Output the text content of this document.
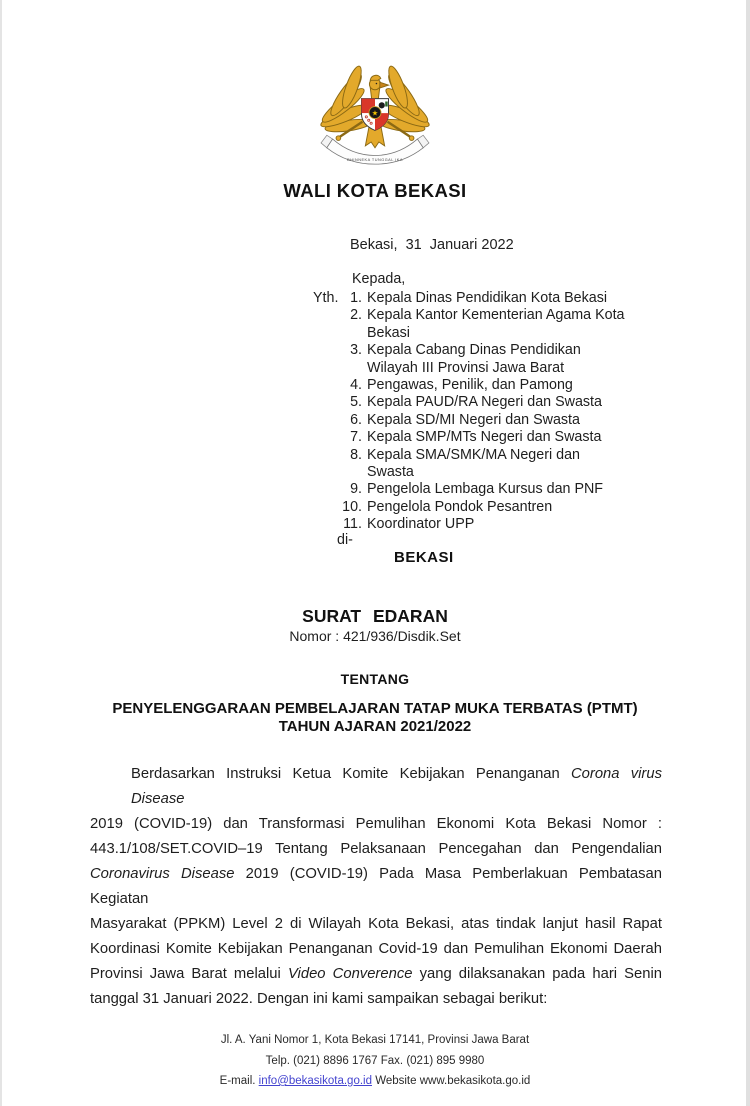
★
BHINNEKA TUNGGAL IKA
WALI KOTA BEKASI
Bekasi,  31  Januari 2022
Kepada,
Yth. 1. Kepala Dinas Pendidikan Kota Bekasi
2. Kepala Kantor Kementerian Agama Kota
Bekasi
3. Kepala Cabang Dinas Pendidikan
Wilayah III Provinsi Jawa Barat
4. Pengawas, Penilik, dan Pamong
5. Kepala PAUD/RA Negeri dan Swasta
6. Kepala SD/MI Negeri dan Swasta
7. Kepala SMP/MTs Negeri dan Swasta
8. Kepala SMA/SMK/MA Negeri dan
Swasta
9. Pengelola Lembaga Kursus dan PNF
10. Pengelola Pondok Pesantren
11. Koordinator UPP
di-
BEKASI
SURAT EDARAN
Nomor : 421/936/Disdik.Set
TENTANG
PENYELENGGARAAN PEMBELAJARAN TATAP MUKA TERBATAS (PTMT)
TAHUN AJARAN 2021/2022
Berdasarkan Instruksi Ketua Komite Kebijakan Penanganan Corona virus Disease
2019 (COVID-19) dan Transformasi Pemulihan Ekonomi Kota Bekasi Nomor :
443.1/108/SET.COVID–19 Tentang Pelaksanaan Pencegahan dan Pengendalian
Coronavirus Disease 2019 (COVID-19) Pada Masa Pemberlakuan Pembatasan Kegiatan
Masyarakat (PPKM) Level 2 di Wilayah Kota Bekasi, atas tindak lanjut hasil Rapat
Koordinasi Komite Kebijakan Penanganan Covid-19 dan Pemulihan Ekonomi Daerah
Provinsi Jawa Barat melalui Video Converence yang dilaksanakan pada hari Senin
tanggal 31 Januari 2022. Dengan ini kami sampaikan sebagai berikut:
Jl. A. Yani Nomor 1, Kota Bekasi 17141, Provinsi Jawa Barat
Telp. (021) 8896 1767 Fax. (021) 895 9980
E-mail. info@bekasikota.go.id Website www.bekasikota.go.id
